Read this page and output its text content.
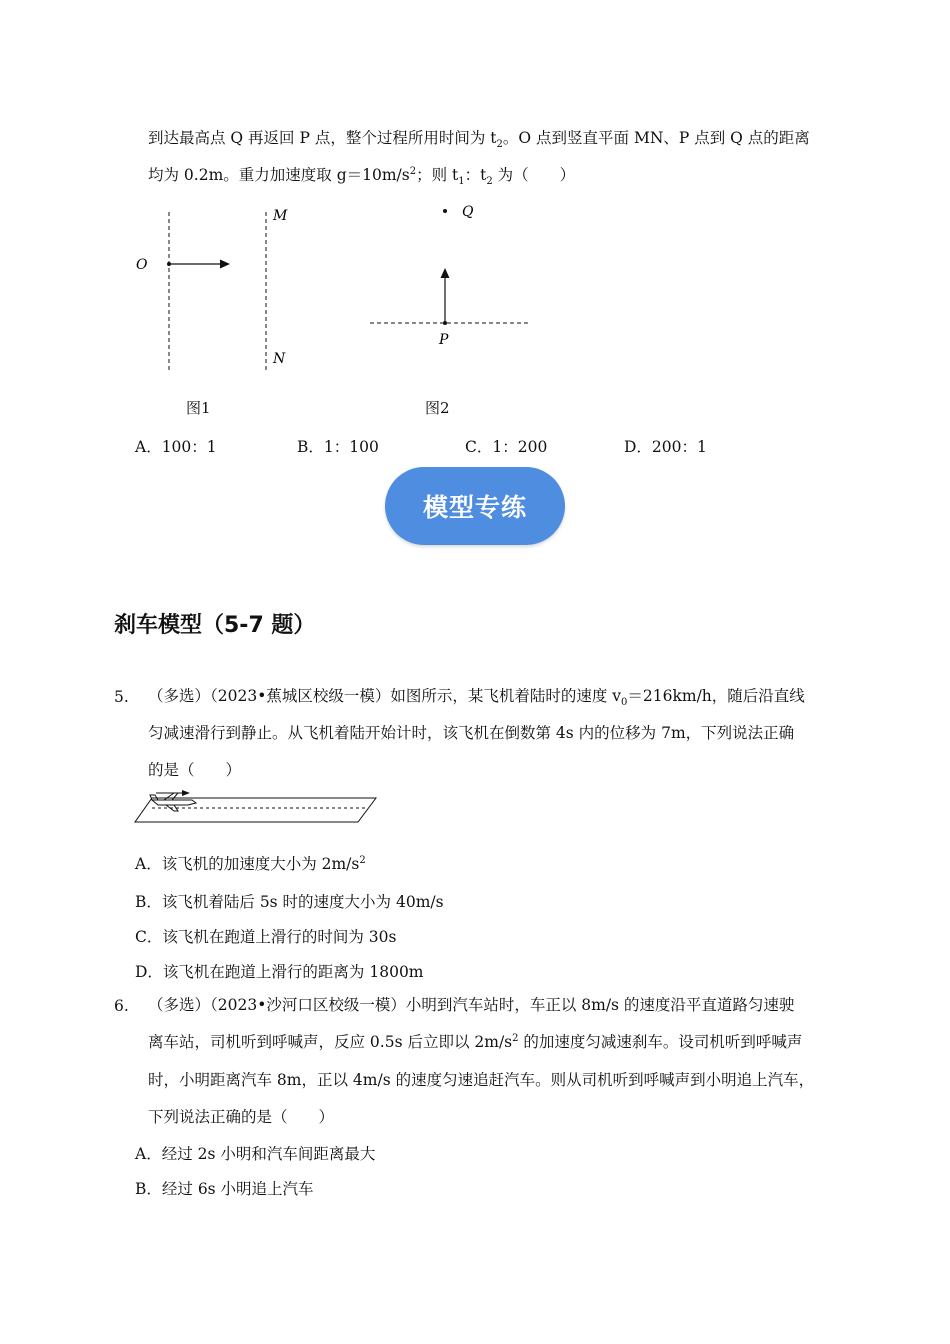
到达最高点 Q 再返回 P 点，整个过程所用时间为 $t_2$。O 点到竖直平面 MN、P 点到 Q 点的距离
均为 0.2m。重力加速度取 $g=10m/s^2$；则 $t_1$：$t_2$ 为（　　）
O
M
N
图1
Q
P
图2
A．100：1	B．1：100	C．1：200	D．200：1
模型专练
刹车模型（5-7 题）
5. （多选）（2023•蕉城区校级一模）如图所示，某飞机着陆时的速度 $v_0=216km/h$，随后沿直线
匀减速滑行到静止。从飞机着陆开始计时，该飞机在倒数第 4s 内的位移为 7m，下列说法正确
的是（　　）
A．该飞机的加速度大小为 $2m/s^2$
B．该飞机着陆后 5s 时的速度大小为 40m/s
C．该飞机在跑道上滑行的时间为 30s
D．该飞机在跑道上滑行的距离为 1800m
6. （多选）（2023•沙河口区校级一模）小明到汽车站时，车正以 8m/s 的速度沿平直道路匀速驶
离车站，司机听到呼喊声，反应 0.5s 后立即以 $2m/s^2$ 的加速度匀减速刹车。设司机听到呼喊声
时，小明距离汽车 8m，正以 4m/s 的速度匀速追赶汽车。则从司机听到呼喊声到小明追上汽车，
下列说法正确的是（　　）
A．经过 2s 小明和汽车间距离最大
B．经过 6s 小明追上汽车
